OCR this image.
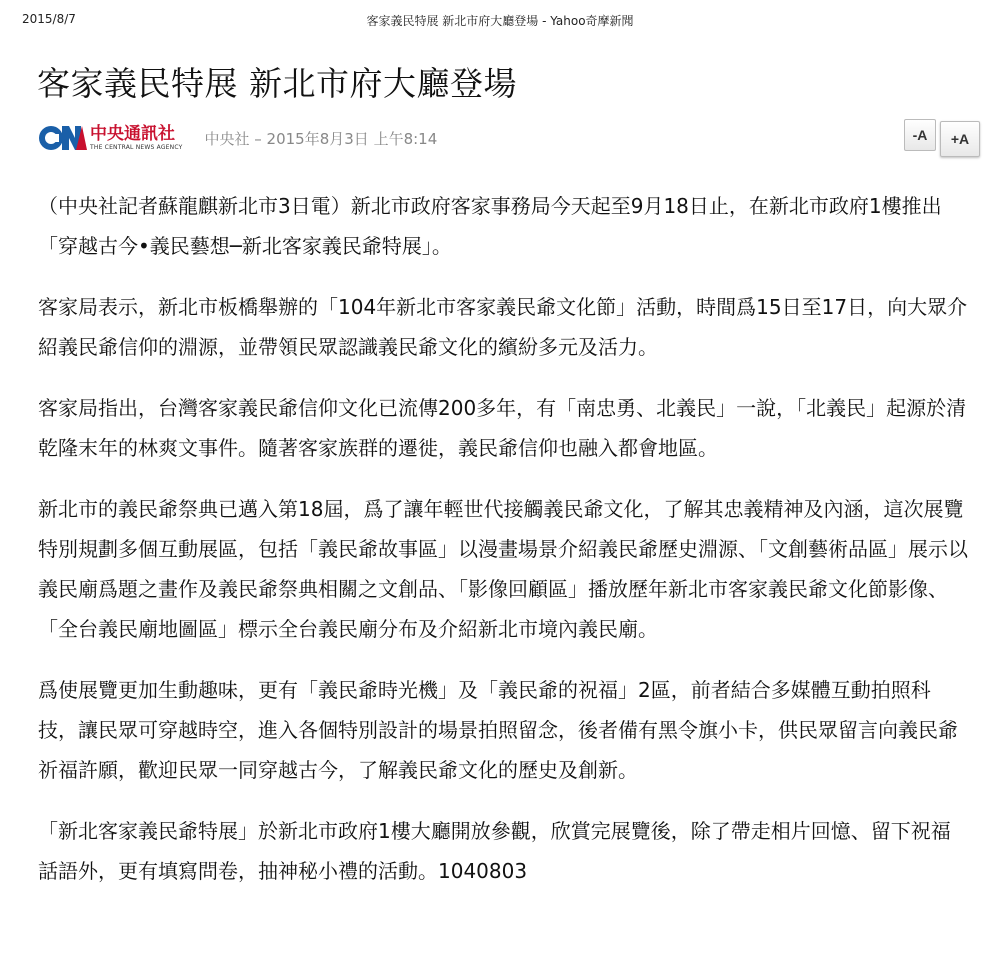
2015/8/7	客家義民特展 新北市府大廳登場 - Yahoo奇摩新聞
客家義民特展 新北市府大廳登場
中央通訊社
THE CENTRAL NEWS AGENCY 中央社 – 2015年8月3日 上午8:14	-A	+A

（中央社記者蘇龍麒新北市3日電）新北市政府客家事務局今天起至9月18日止，在新北市政府1樓推出「穿越古今•義民藝想─新北客家義民爺特展」。

客家局表示，新北市板橋舉辦的「104年新北市客家義民爺文化節」活動，時間爲15日至17日，向大眾介紹義民爺信仰的淵源，並帶領民眾認識義民爺文化的繽紛多元及活力。

客家局指出，台灣客家義民爺信仰文化已流傳200多年，有「南忠勇、北義民」一說，「北義民」起源於清乾隆末年的林爽文事件。隨著客家族群的遷徙，義民爺信仰也融入都會地區。

新北市的義民爺祭典已邁入第18屆，爲了讓年輕世代接觸義民爺文化，了解其忠義精神及內涵，這次展覽特別規劃多個互動展區，包括「義民爺故事區」以漫畫場景介紹義民爺歷史淵源、「文創藝術品區」展示以義民廟爲題之畫作及義民爺祭典相關之文創品、「影像回顧區」播放歷年新北市客家義民爺文化節影像、「全台義民廟地圖區」標示全台義民廟分布及介紹新北市境內義民廟。

爲使展覽更加生動趣味，更有「義民爺時光機」及「義民爺的祝福」2區，前者結合多媒體互動拍照科技，讓民眾可穿越時空，進入各個特別設計的場景拍照留念，後者備有黑令旗小卡，供民眾留言向義民爺祈福許願，歡迎民眾一同穿越古今，了解義民爺文化的歷史及創新。

「新北客家義民爺特展」於新北市政府1樓大廳開放參觀，欣賞完展覽後，除了帶走相片回憶、留下祝福話語外，更有填寫問卷，抽神秘小禮的活動。1040803
